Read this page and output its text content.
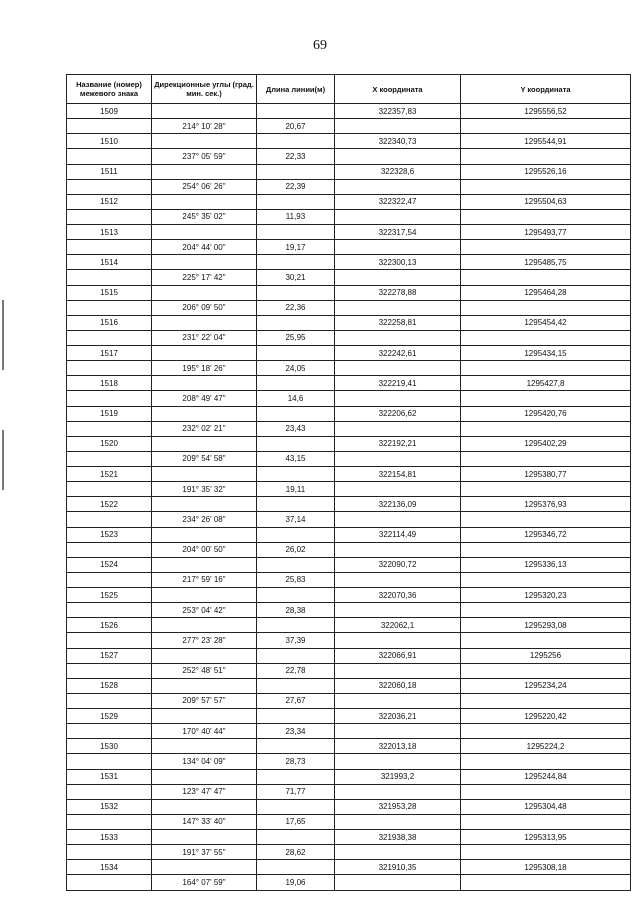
69
Название (номер) межевого знака	Дирекционные углы (град. мин. сек.)	Длина линии(м)	X координата	Y координата
1509			322357,83	1295556,52
	214° 10' 28"	20,67		
1510			322340,73	1295544,91
	237° 05' 59"	22,33		
1511			322328,6	1295526,16
	254° 06' 26"	22,39		
1512			322322,47	1295504,63
	245° 35' 02"	11,93		
1513			322317,54	1295493,77
	204° 44' 00"	19,17		
1514			322300,13	1295485,75
	225° 17' 42"	30,21		
1515			322278,88	1295464,28
	206° 09' 50"	22,36		
1516			322258,81	1295454,42
	231° 22' 04"	25,95		
1517			322242,61	1295434,15
	195° 18' 26"	24,05		
1518			322219,41	1295427,8
	208° 49' 47"	14,6		
1519			322206,62	1295420,76
	232° 02' 21"	23,43		
1520			322192,21	1295402,29
	209° 54' 58"	43,15		
1521			322154,81	1295380,77
	191° 35' 32"	19,11		
1522			322136,09	1295376,93
	234° 26' 08"	37,14		
1523			322114,49	1295346,72
	204° 00' 50"	26,02		
1524			322090,72	1295336,13
	217° 59' 16"	25,83		
1525			322070,36	1295320,23
	253° 04' 42"	28,38		
1526			322062,1	1295293,08
	277° 23' 28"	37,39		
1527			322066,91	1295256
	252° 48' 51"	22,78		
1528			322060,18	1295234,24
	209° 57' 57"	27,67		
1529			322036,21	1295220,42
	170° 40' 44"	23,34		
1530			322013,18	1295224,2
	134° 04' 09"	28,73		
1531			321993,2	1295244,84
	123° 47' 47"	71,77		
1532			321953,28	1295304,48
	147° 33' 40"	17,65		
1533			321938,38	1295313,95
	191° 37' 55"	28,62		
1534			321910,35	1295308,18
	164° 07' 59"	19,06		
